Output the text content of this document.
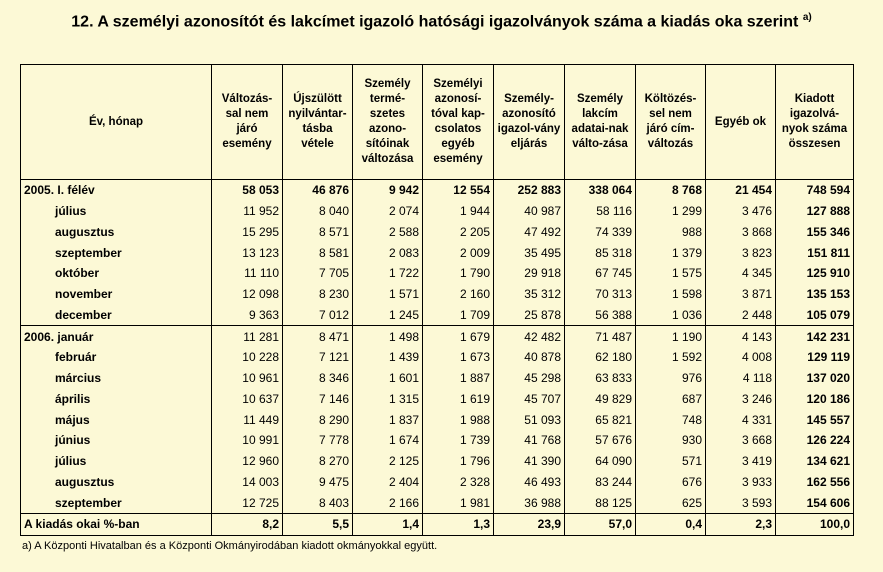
12. A személyi azonosítót és lakcímet igazoló hatósági igazolványok száma a kiadás oka szerint $^{a)}$
Év, hónap	Változás-sal nem járó esemény	Újszülött nyilvántar-tásba vétele	Személy termé-szetes azono-sítóinak változása	Személyi azonosí-tóval kap-csolatos egyéb esemény	Személy-azonosító igazol-vány eljárás	Személy lakcím adatai-nak válto-zása	Költözés-sel nem járó cím-változás	Egyéb ok	Kiadott igazolvá-nyok száma összesen
2005. I. félév	58 053	46 876	9 942	12 554	252 883	338 064	8 768	21 454	748 594
július	11 952	8 040	2 074	1 944	40 987	58 116	1 299	3 476	127 888
augusztus	15 295	8 571	2 588	2 205	47 492	74 339	988	3 868	155 346
szeptember	13 123	8 581	2 083	2 009	35 495	85 318	1 379	3 823	151 811
október	11 110	7 705	1 722	1 790	29 918	67 745	1 575	4 345	125 910
november	12 098	8 230	1 571	2 160	35 312	70 313	1 598	3 871	135 153
december	9 363	7 012	1 245	1 709	25 878	56 388	1 036	2 448	105 079
2006. január	11 281	8 471	1 498	1 679	42 482	71 487	1 190	4 143	142 231
február	10 228	7 121	1 439	1 673	40 878	62 180	1 592	4 008	129 119
március	10 961	8 346	1 601	1 887	45 298	63 833	976	4 118	137 020
április	10 637	7 146	1 315	1 619	45 707	49 829	687	3 246	120 186
május	11 449	8 290	1 837	1 988	51 093	65 821	748	4 331	145 557
június	10 991	7 778	1 674	1 739	41 768	57 676	930	3 668	126 224
július	12 960	8 270	2 125	1 796	41 390	64 090	571	3 419	134 621
augusztus	14 003	9 475	2 404	2 328	46 493	83 244	676	3 933	162 556
szeptember	12 725	8 403	2 166	1 981	36 988	88 125	625	3 593	154 606
A kiadás okai %-ban	8,2	5,5	1,4	1,3	23,9	57,0	0,4	2,3	100,0
a) A Központi Hivatalban és a Központi Okmányirodában kiadott okmányokkal együtt.
